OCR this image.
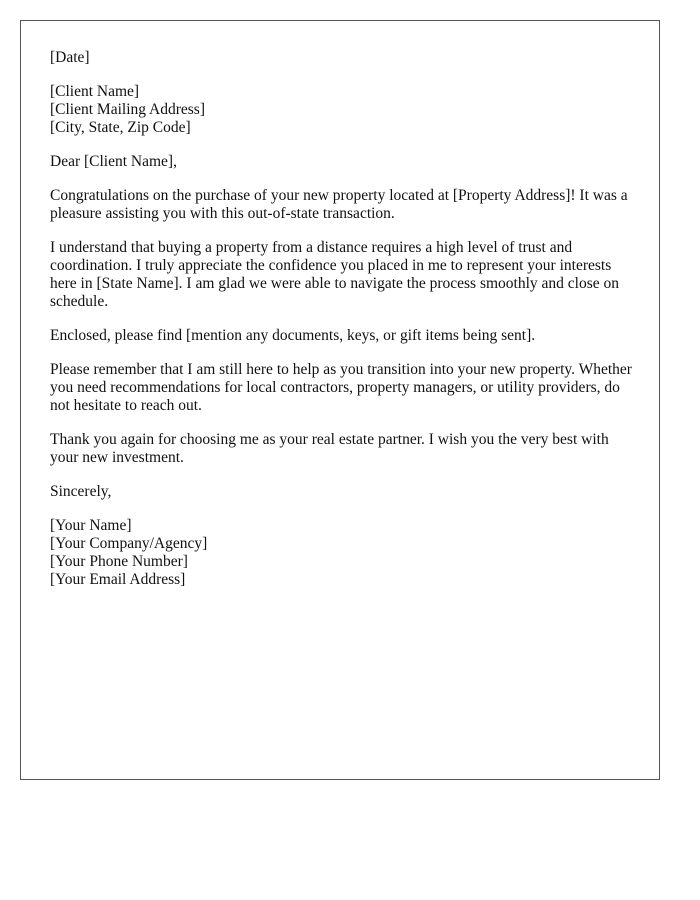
[Date]

[Client Name]
[Client Mailing Address]
[City, State, Zip Code]

Dear [Client Name],

Congratulations on the purchase of your new property located at [Property Address]! It was a pleasure assisting you with this out-of-state transaction.

I understand that buying a property from a distance requires a high level of trust and coordination. I truly appreciate the confidence you placed in me to represent your interests here in [State Name]. I am glad we were able to navigate the process smoothly and close on schedule.

Enclosed, please find [mention any documents, keys, or gift items being sent].

Please remember that I am still here to help as you transition into your new property. Whether you need recommendations for local contractors, property managers, or utility providers, do not hesitate to reach out.

Thank you again for choosing me as your real estate partner. I wish you the very best with your new investment.

Sincerely,

[Your Name]
[Your Company/Agency]
[Your Phone Number]
[Your Email Address]
